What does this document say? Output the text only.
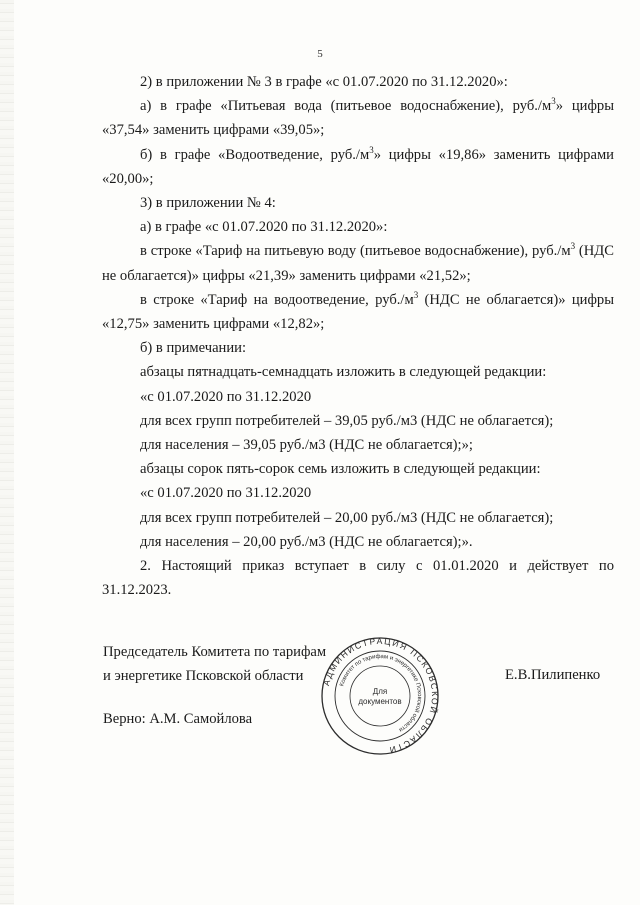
5

2) в приложении № 3 в графе «с 01.07.2020 по 31.12.2020»:

а) в графе «Питьевая вода (питьевое водоснабжение), $руб./м^3$» цифры «37,54» заменить цифрами «39,05»;

б) в графе «Водоотведение, $руб./м^3$» цифры «19,86» заменить цифрами «20,00»;

3) в приложении № 4:

а) в графе «с 01.07.2020 по 31.12.2020»:

в строке «Тариф на питьевую воду (питьевое водоснабжение), $руб./м^3$ (НДС не облагается)» цифры «21,39» заменить цифрами «21,52»;

в строке «Тариф на водоотведение, $руб./м^3$ (НДС не облагается)» цифры «12,75» заменить цифрами «12,82»;

б) в примечании:

абзацы пятнадцать-семнадцать изложить в следующей редакции:

«с 01.07.2020 по 31.12.2020

для всех групп потребителей – 39,05 руб./м3 (НДС не облагается);

для населения – 39,05 руб./м3 (НДС не облагается);»;

абзацы сорок пять-сорок семь изложить в следующей редакции:

«с 01.07.2020 по 31.12.2020

для всех групп потребителей – 20,00 руб./м3 (НДС не облагается);

для населения – 20,00 руб./м3 (НДС не облагается);».

2. Настоящий приказ вступает в силу с 01.01.2020 и действует по 31.12.2023.

Председатель Комитета по тарифам
и энергетике Псковской области	Е.В.Пилипенко
Верно: А.М. Самойлова
АДМИНИСТРАЦИЯ ПСКОВСКОЙ ОБЛАСТИ
Комитет по тарифам и энергетике Псковской области
Для
документов
